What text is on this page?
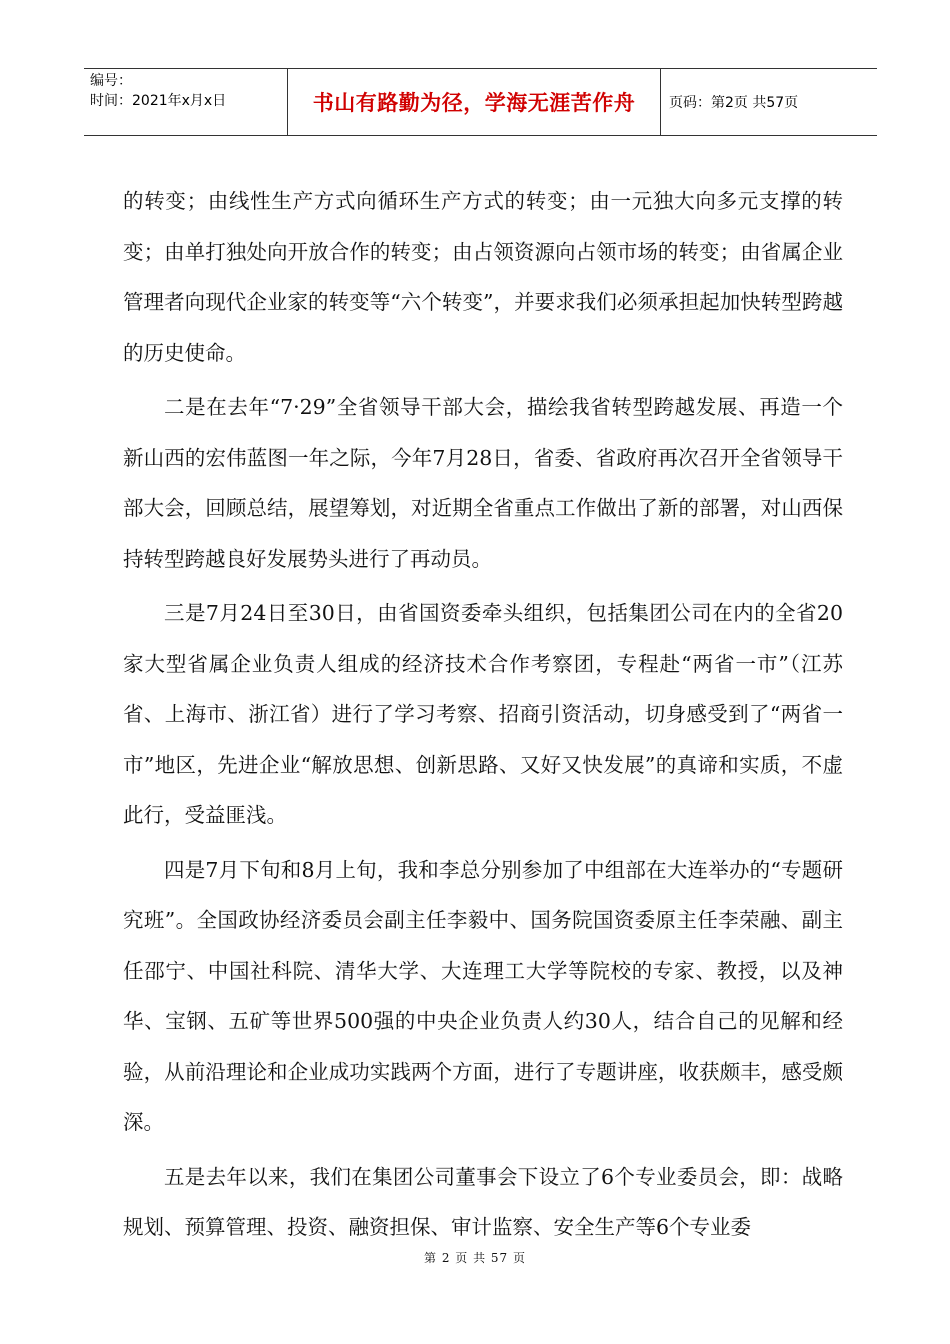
编号：
时间：2021年x月x日	书山有路勤为径，学海无涯苦作舟	页码：第2页 共57页

的转变；由线性生产方式向循环生产方式的转变；由一元独大向多元支撑的转变；由单打独处向开放合作的转变；由占领资源向占领市场的转变；由省属企业管理者向现代企业家的转变等“六个转变”，并要求我们必须承担起加快转型跨越的历史使命。

二是在去年“7·29”全省领导干部大会，描绘我省转型跨越发展、再造一个新山西的宏伟蓝图一年之际，今年7月28日，省委、省政府再次召开全省领导干部大会，回顾总结，展望筹划，对近期全省重点工作做出了新的部署，对山西保持转型跨越良好发展势头进行了再动员。

三是7月24日至30日，由省国资委牵头组织，包括集团公司在内的全省20家大型省属企业负责人组成的经济技术合作考察团，专程赴“两省一市”（江苏省、上海市、浙江省）进行了学习考察、招商引资活动，切身感受到了“两省一市”地区，先进企业“解放思想、创新思路、又好又快发展”的真谛和实质，不虚此行，受益匪浅。

四是7月下旬和8月上旬，我和李总分别参加了中组部在大连举办的“专题研究班”。全国政协经济委员会副主任李毅中、国务院国资委原主任李荣融、副主任邵宁、中国社科院、清华大学、大连理工大学等院校的专家、教授，以及神华、宝钢、五矿等世界500强的中央企业负责人约30人，结合自己的见解和经验，从前沿理论和企业成功实践两个方面，进行了专题讲座，收获颇丰，感受颇深。

五是去年以来，我们在集团公司董事会下设立了6个专业委员会，即：战略规划、预算管理、投资、融资担保、审计监察、安全生产等6个专业委

第 2 页 共 57 页
